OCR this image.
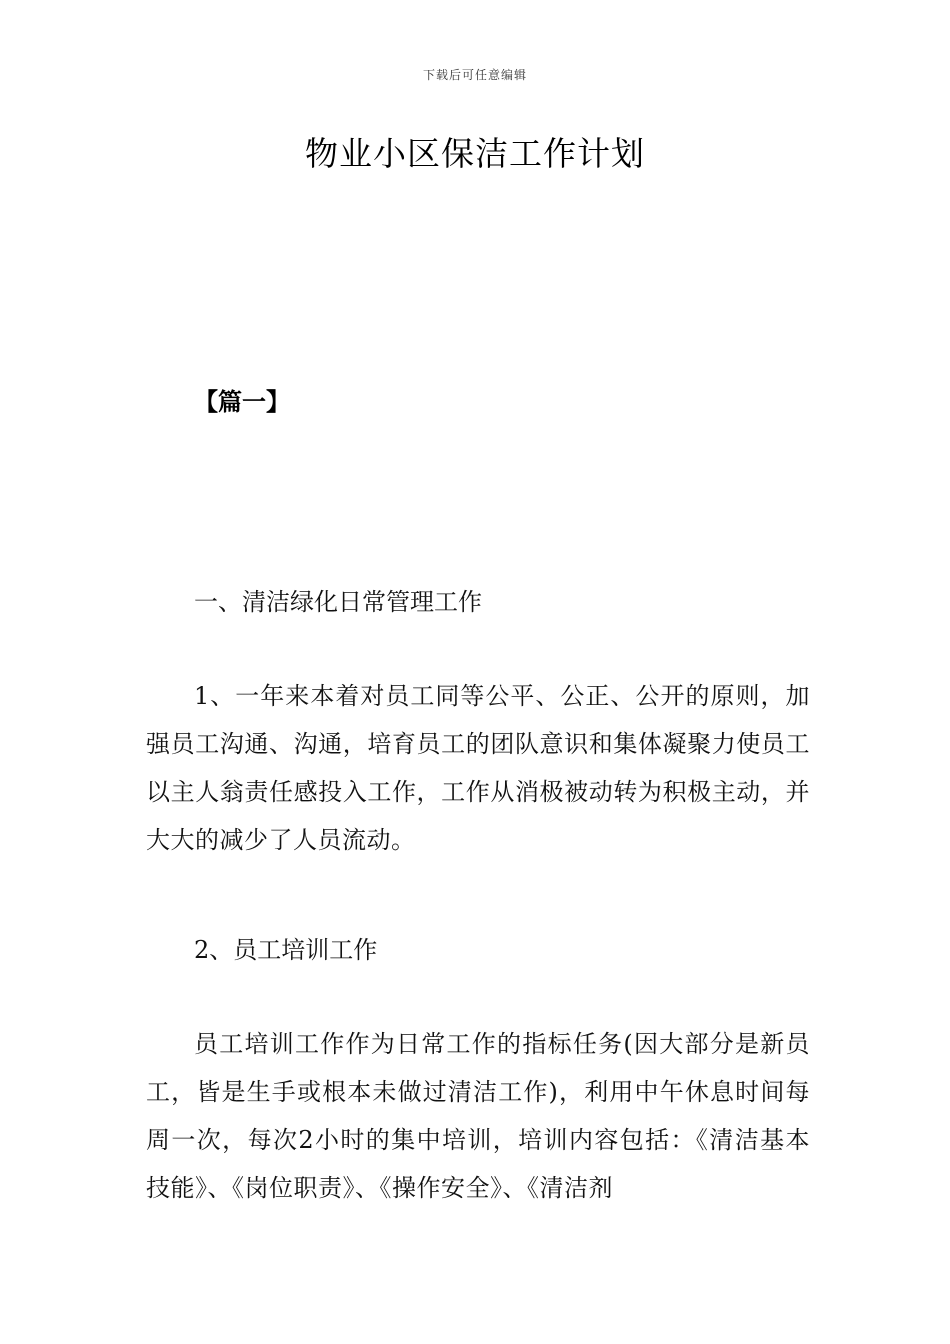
下载后可任意编辑
物业小区保洁工作计划
【篇一】
一、清洁绿化日常管理工作
1、一年来本着对员工同等公平、公正、公开的原则，加强员工沟通、沟通，培育员工的团队意识和集体凝聚力使员工以主人翁责任感投入工作，工作从消极被动转为积极主动，并大大的减少了人员流动。
2、员工培训工作
员工培训工作作为日常工作的指标任务(因大部分是新员工，皆是生手或根本未做过清洁工作)，利用中午休息时间每周一次，每次2小时的集中培训，培训内容包括：《清洁基本技能》、《岗位职责》、《操作安全》、《清洁剂
